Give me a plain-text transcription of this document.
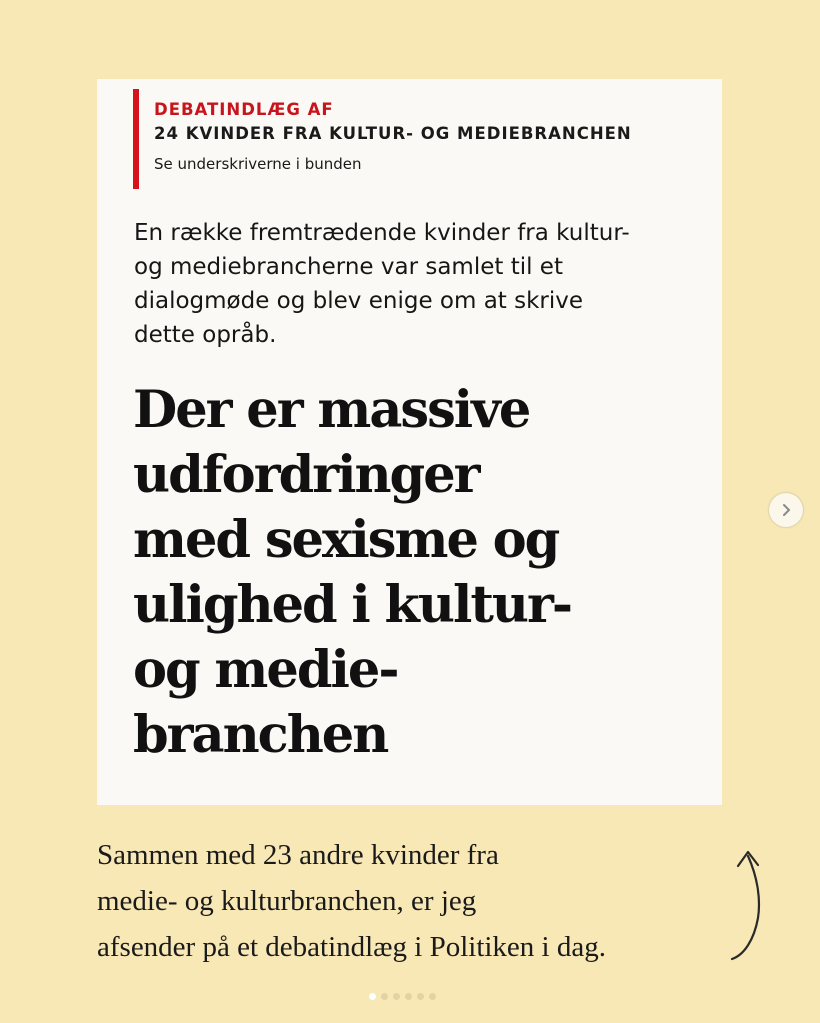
DEBATINDLÆG AF
24 KVINDER FRA KULTUR- OG MEDIEBRANCHEN
Se underskriverne i bunden

En række fremtrædende kvinder fra kultur-
og mediebrancherne var samlet til et
dialogmøde og blev enige om at skrive
dette opråb.

Der er massive
udfordringer
med sexisme og
ulighed i kultur-
og medie-
branchen

Sammen med 23 andre kvinder fra
medie- og kulturbranchen, er jeg
afsender på et debatindlæg i Politiken i dag.
